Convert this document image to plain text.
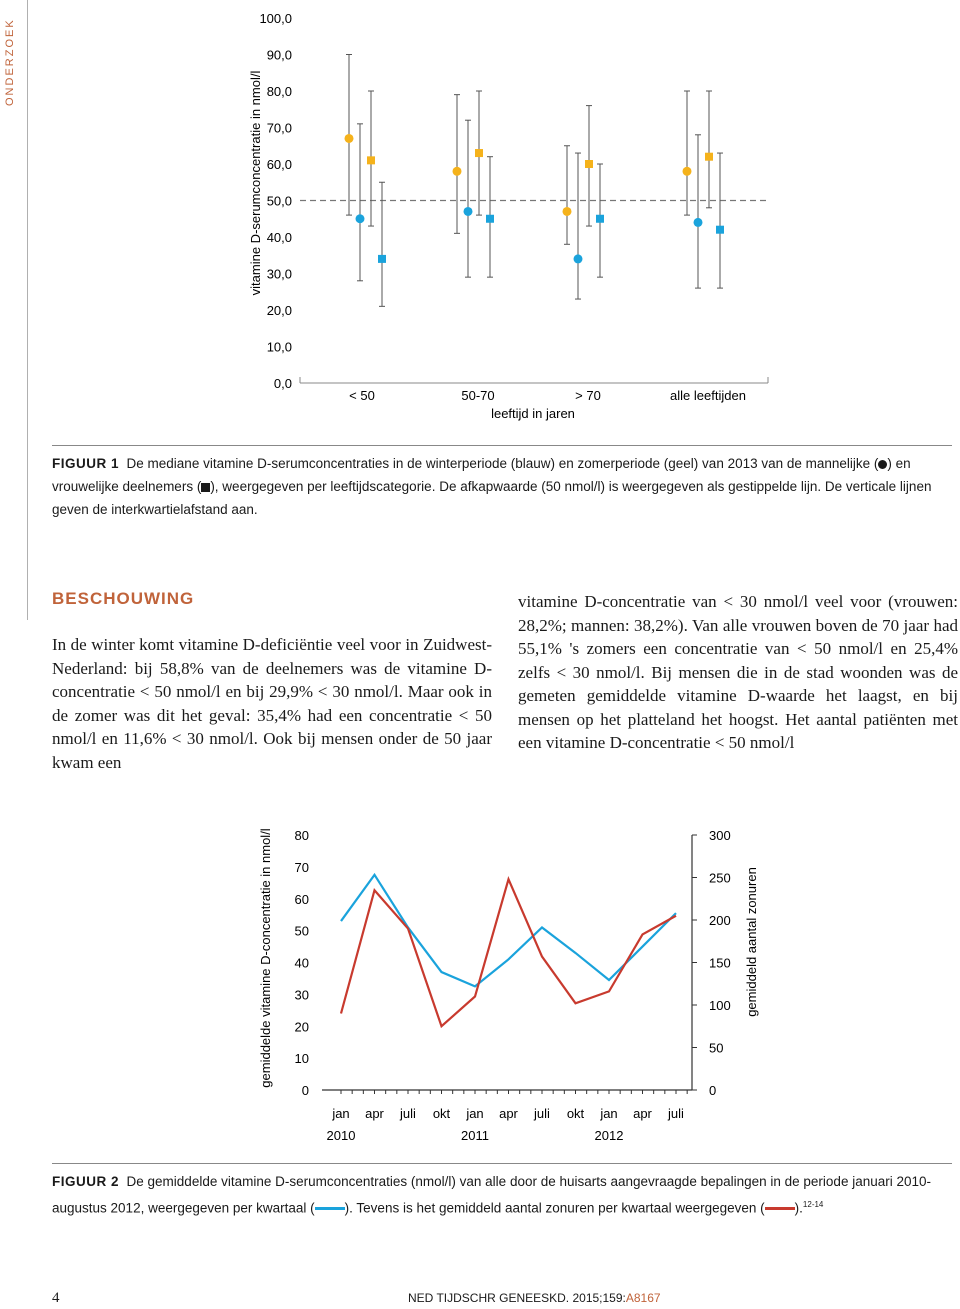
ONDERZOEK
0,0
10,0
20,0
30,0
40,0
50,0
60,0
70,0
80,0
90,0
100,0
< 50	50-70	> 70	alle leeftijden
vitamine D-serumconcentratie in nmol/l
leeftijd in jaren
FIGUUR 1 De mediane vitamine D-serumconcentraties in de winterperiode (blauw) en zomerperiode (geel) van 2013 van de mannelijke ( ) en vrouwelijke deelnemers ( ), weergegeven per leeftijdscategorie. De afkapwaarde (50 nmol/l) is weergegeven als gestippelde lijn. De verticale lijnen geven de interkwartielafstand aan.
BESCHOUWING
In de winter komt vitamine D-deficiëntie veel voor in Zuidwest-Nederland: bij 58,8% van de deelnemers was de vitamine D-concentratie < 50 nmol/l en bij 29,9% < 30 nmol/l. Maar ook in de zomer was dit het geval: 35,4% had een concentratie < 50 nmol/l en 11,6% < 30 nmol/l. Ook bij mensen onder de 50 jaar kwam een
vitamine D-concentratie van < 30 nmol/l veel voor (vrouwen: 28,2%; mannen: 38,2%). Van alle vrouwen boven de 70 jaar had 55,1% 's zomers een concentratie van < 50 nmol/l en 25,4% zelfs < 30 nmol/l. Bij mensen die in de stad woonden was de gemeten gemiddelde vitamine D-waarde het laagst, en bij mensen op het platteland het hoogst. Het aantal patiënten met een vitamine D-concentratie < 50 nmol/l
0
10
20
30
40
50
60
70
80
0
50
100
150
200
250
300
jan apr juli okt jan apr juli okt jan apr juli
2010	2011	2012
gemiddelde vitamine D-concentratie in nmol/l	gemiddeld aantal zonuren
FIGUUR 2 De gemiddelde vitamine D-serumconcentraties (nmol/l) van alle door de huisarts aangevraagde bepalingen in de periode januari 2010-augustus 2012, weergegeven per kwartaal ( ). Tevens is het gemiddeld aantal zonuren per kwartaal weergegeven ( ).$^{12-14}$
4	NED TIJDSCHR GENEESKD. 2015;159:A8167
